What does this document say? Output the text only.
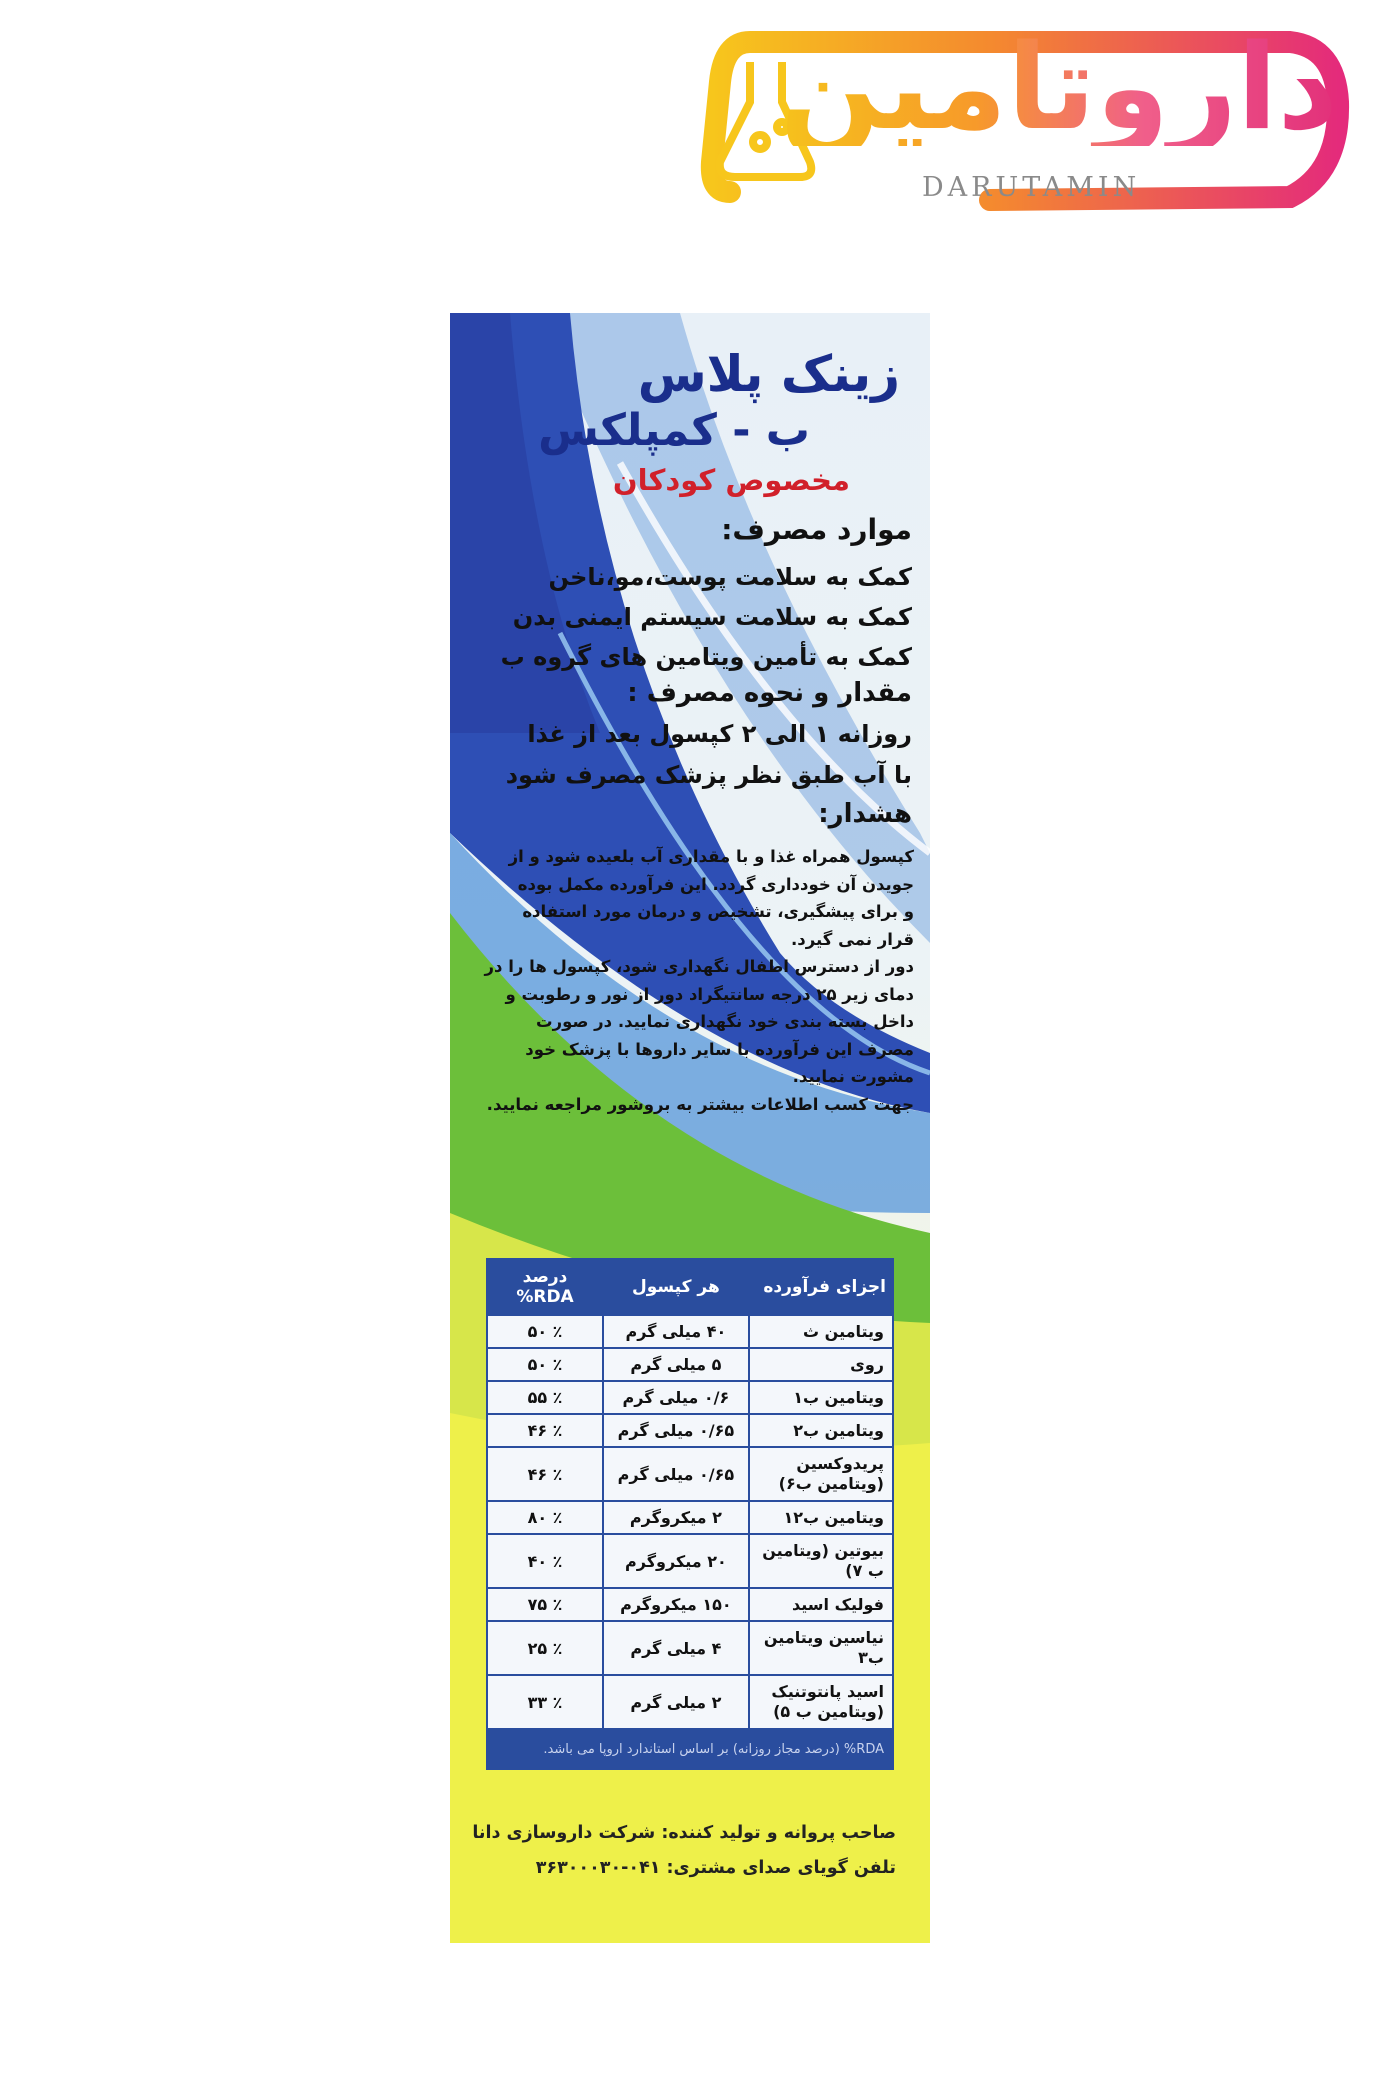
داروتامین
DARUTAMIN
زینک پلاس
ب - کمپلکس
مخصوص کودکان
موارد مصرف:
کمک به سلامت پوست،مو،ناخن
کمک به سلامت سیستم ایمنی بدن
کمک به تأمین ویتامین های گروه ب
مقدار و نحوه مصرف :
روزانه ۱ الی ۲ کپسول بعد از غذا
با آب طبق نظر پزشک مصرف شود
هشدار:
کپسول همراه غذا و با مقداری آب بلعیده شود و از
جویدن آن خودداری گردد. این فرآورده مکمل بوده
و برای پیشگیری، تشخیص و درمان مورد استفاده
قرار نمی گیرد.
دور از دسترس اطفال نگهداری شود، کپسول ها را در
دمای زیر ۲۵ درجه سانتیگراد دور از نور و رطوبت و
داخل بسته بندی خود نگهداری نمایید. در صورت
مصرف این فرآورده با سایر داروها با پزشک خود
مشورت نمایید.
جهت کسب اطلاعات بیشتر به بروشور مراجعه نمایید.
اجزای فرآورده	هر کپسول	درصد RDA%
ویتامین ث	۴۰ میلی گرم	٪ ۵۰
روی	۵ میلی گرم	٪ ۵۰
ویتامین ب۱	۰/۶ میلی گرم	٪ ۵۵
ویتامین ب۲	۰/۶۵ میلی گرم	٪ ۴۶
پریدوکسین (ویتامین ب۶)	۰/۶۵ میلی گرم	٪ ۴۶
ویتامین ب۱۲	۲ میکروگرم	٪ ۸۰
بیوتین (ویتامین ب ۷)	۲۰ میکروگرم	٪ ۴۰
فولیک اسید	۱۵۰ میکروگرم	٪ ۷۵
نیاسین ویتامین ب۳	۴ میلی گرم	٪ ۲۵
اسید پانتوتنیک (ویتامین ب ۵)	۲ میلی گرم	٪ ۳۳
RDA% (درصد مجاز روزانه) بر اساس استاندارد اروپا می باشد.		
صاحب پروانه و تولید کننده: شرکت داروسازی دانا
تلفن گویای صدای مشتری: ۰۴۱-۳۶۳۰۰۰۳۰
